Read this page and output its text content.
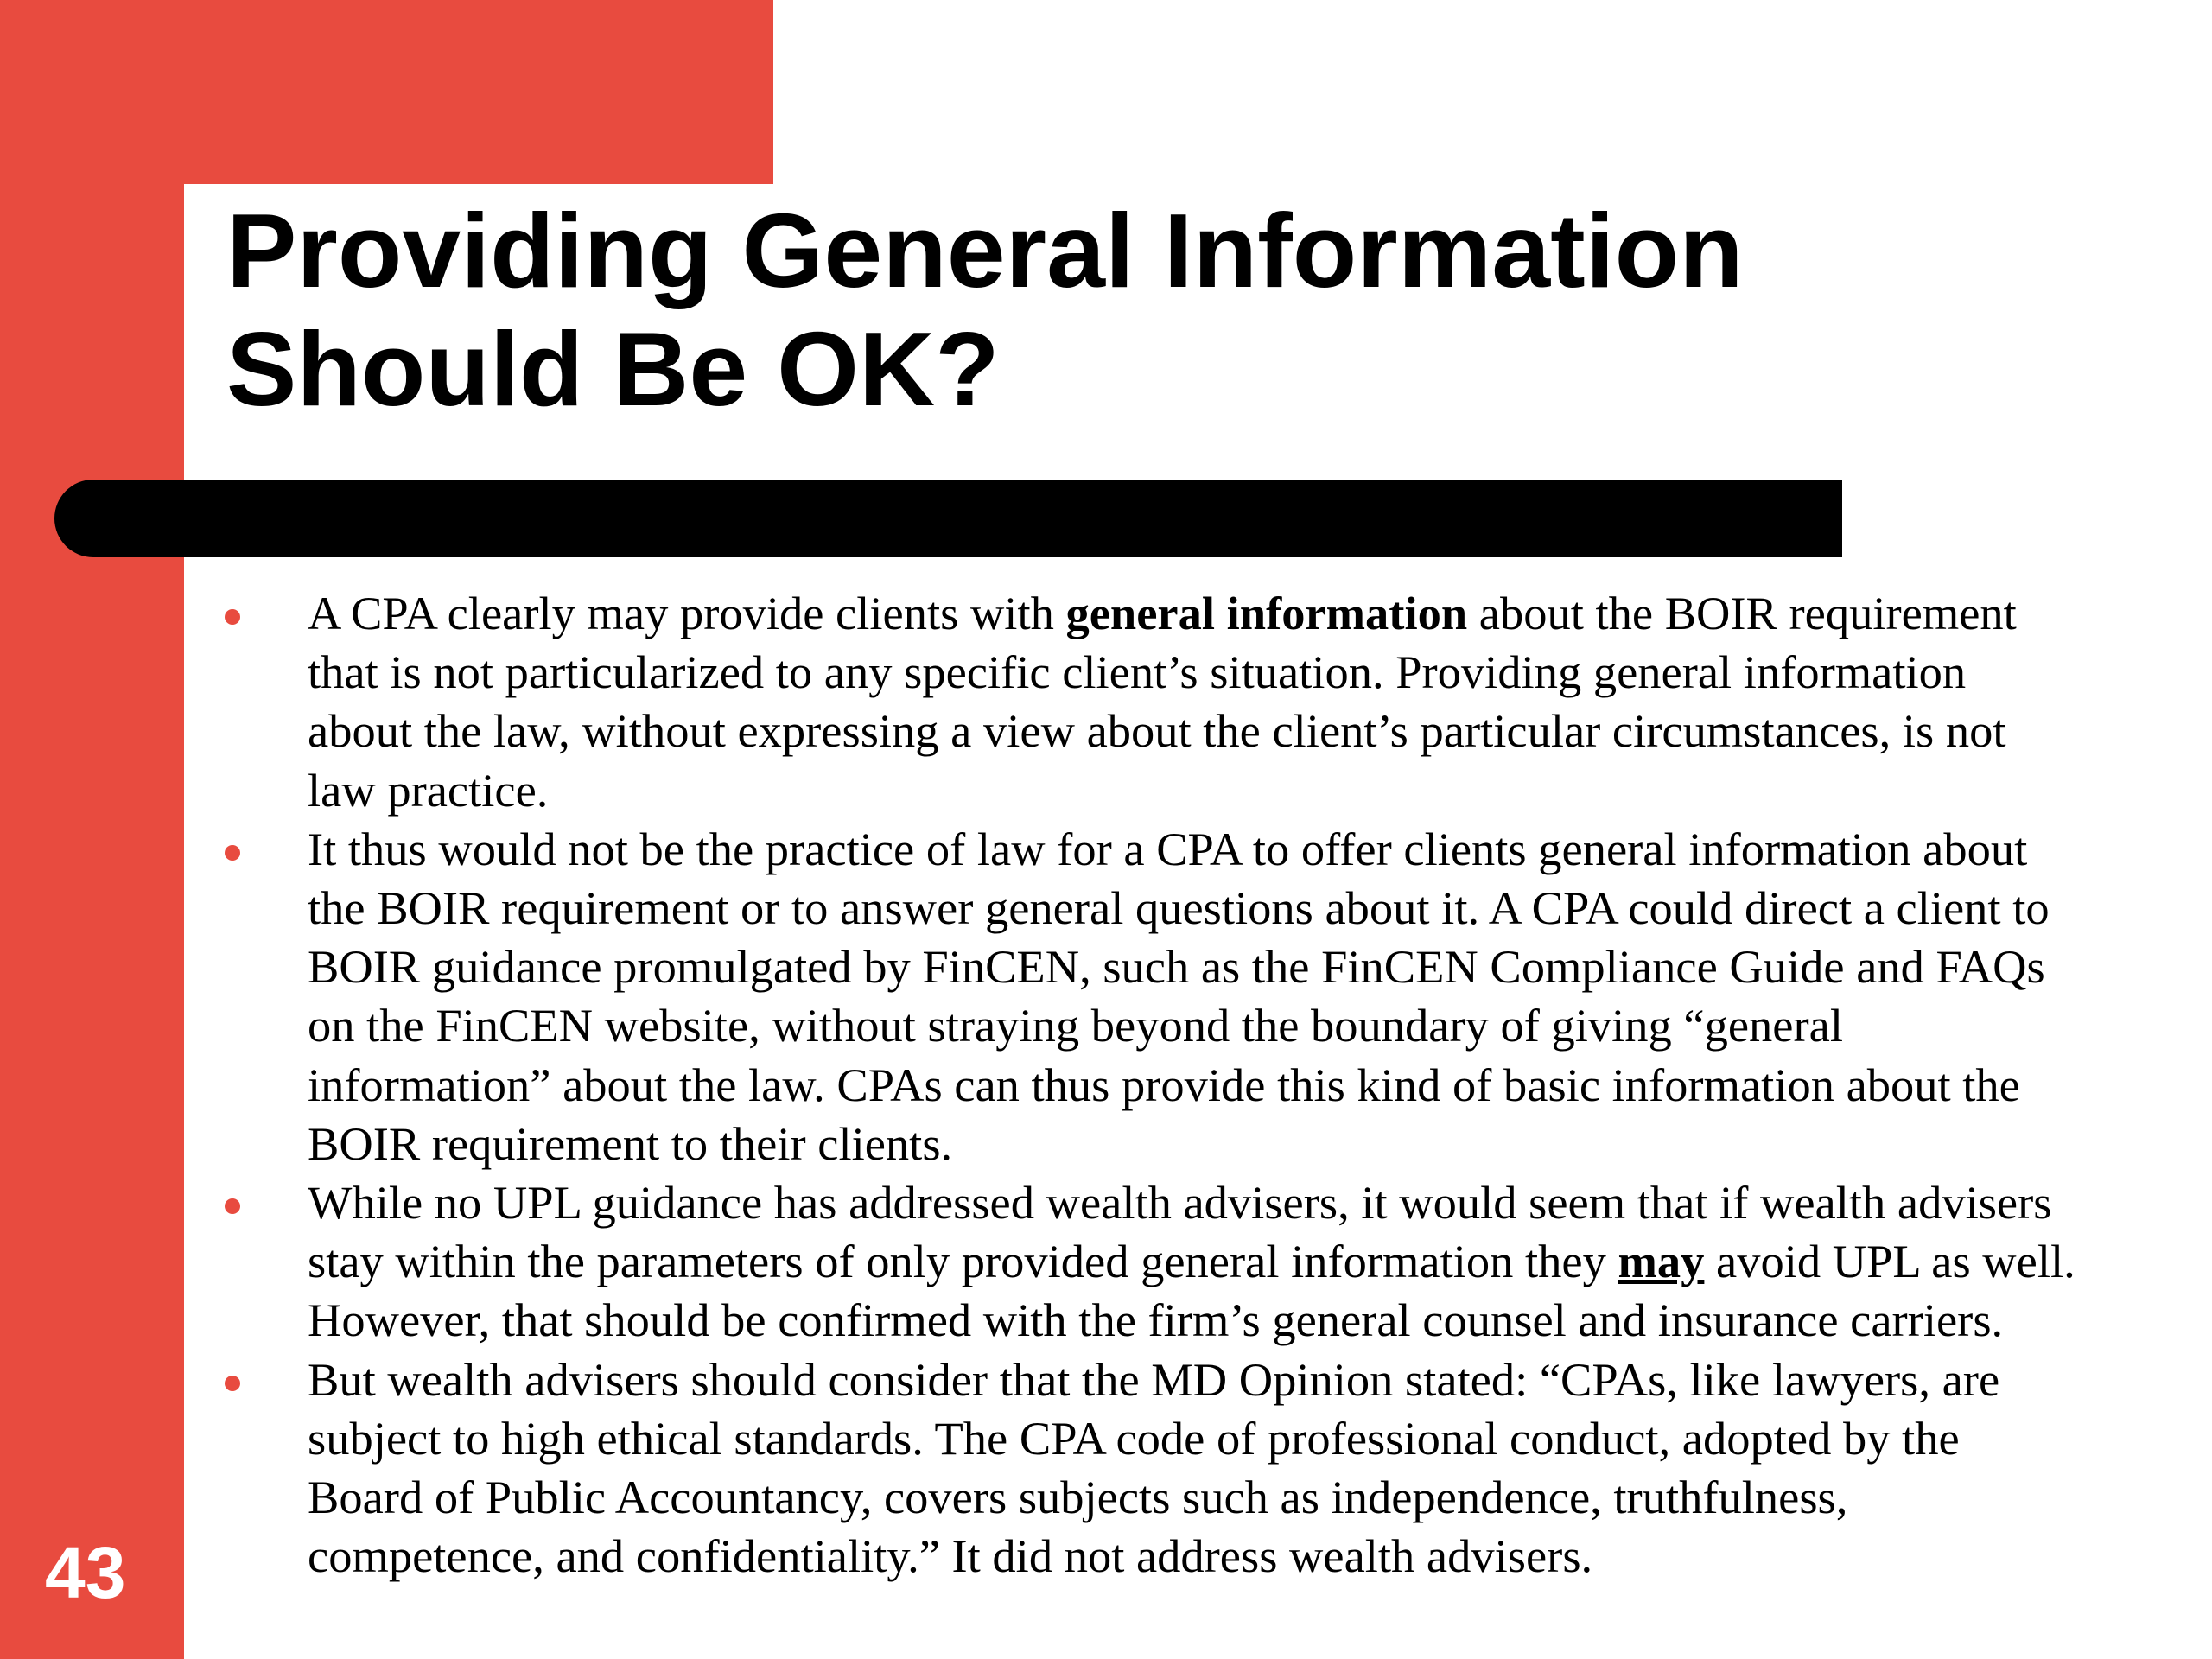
Providing General Information
Should Be OK?
A CPA clearly may provide clients with general information about the BOIR requirement that is not particularized to any specific client’s situation. Providing general information about the law, without expressing a view about the client’s particular circumstances, is not law practice.
It thus would not be the practice of law for a CPA to offer clients general information about the BOIR requirement or to answer general questions about it. A CPA could direct a client to BOIR guidance promulgated by FinCEN, such as the FinCEN Compliance Guide and FAQs on the FinCEN website, without straying beyond the boundary of giving “general information” about the law. CPAs can thus provide this kind of basic information about the BOIR requirement to their clients.
While no UPL guidance has addressed wealth advisers, it would seem that if wealth advisers stay within the parameters of only provided general information they may avoid UPL as well. However, that should be confirmed with the firm’s general counsel and insurance carriers.
But wealth advisers should consider that the MD Opinion stated: “CPAs, like lawyers, are subject to high ethical standards. The CPA code of professional conduct, adopted by the Board of Public Accountancy, covers subjects such as independence, truthfulness, competence, and confidentiality.” It did not address wealth advisers.
43
